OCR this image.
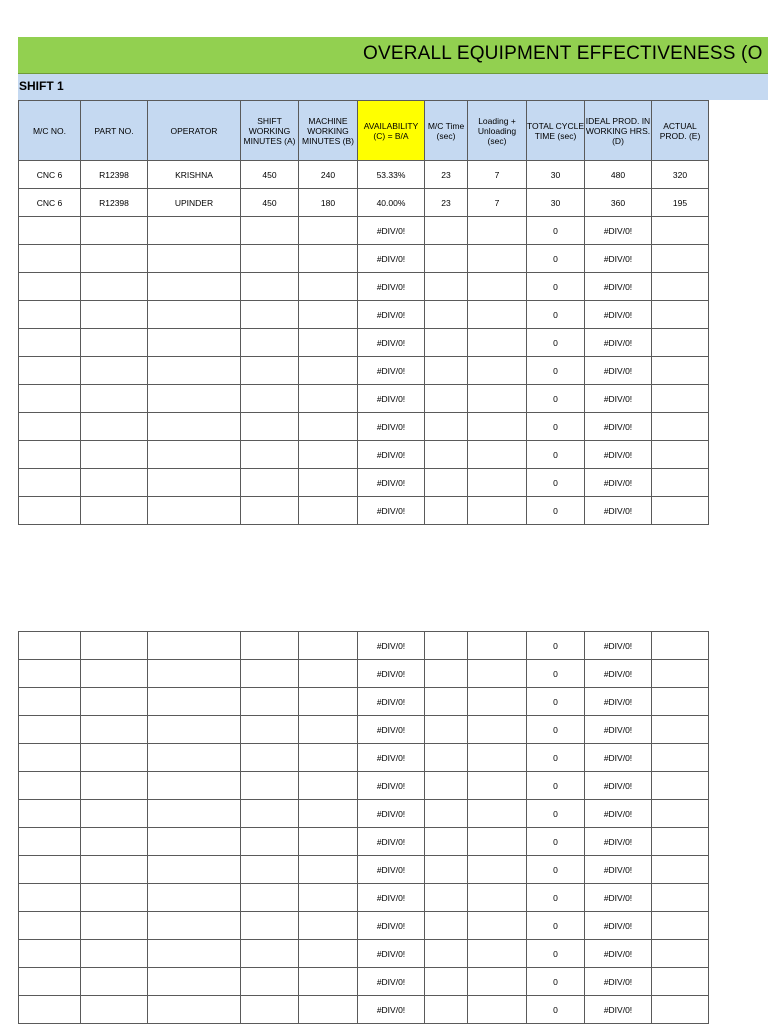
OVERALL EQUIPMENT EFFECTIVENESS (O
SHIFT 1
M/C NO.	PART NO.	OPERATOR	SHIFT WORKING MINUTES (A)	MACHINE WORKING MINUTES (B)	AVAILABILITY (C) = B/A	M/C Time (sec)	Loading + Unloading (sec)	TOTAL CYCLE TIME (sec)	IDEAL PROD. IN WORKING HRS. (D)	ACTUAL PROD. (E)
CNC 6	R12398	KRISHNA	450	240	53.33%	23	7	30	480	320
CNC 6	R12398	UPINDER	450	180	40.00%	23	7	30	360	195
					#DIV/0!			0	#DIV/0!	
					#DIV/0!			0	#DIV/0!	
					#DIV/0!			0	#DIV/0!	
					#DIV/0!			0	#DIV/0!	
					#DIV/0!			0	#DIV/0!	
					#DIV/0!			0	#DIV/0!	
					#DIV/0!			0	#DIV/0!	
					#DIV/0!			0	#DIV/0!	
					#DIV/0!			0	#DIV/0!	
					#DIV/0!			0	#DIV/0!	
					#DIV/0!			0	#DIV/0!	
					#DIV/0!			0	#DIV/0!	
					#DIV/0!			0	#DIV/0!	
					#DIV/0!			0	#DIV/0!	
					#DIV/0!			0	#DIV/0!	
					#DIV/0!			0	#DIV/0!	
					#DIV/0!			0	#DIV/0!	
					#DIV/0!			0	#DIV/0!	
					#DIV/0!			0	#DIV/0!	
					#DIV/0!			0	#DIV/0!	
					#DIV/0!			0	#DIV/0!	
					#DIV/0!			0	#DIV/0!	
					#DIV/0!			0	#DIV/0!	
					#DIV/0!			0	#DIV/0!	
					#DIV/0!			0	#DIV/0!	
